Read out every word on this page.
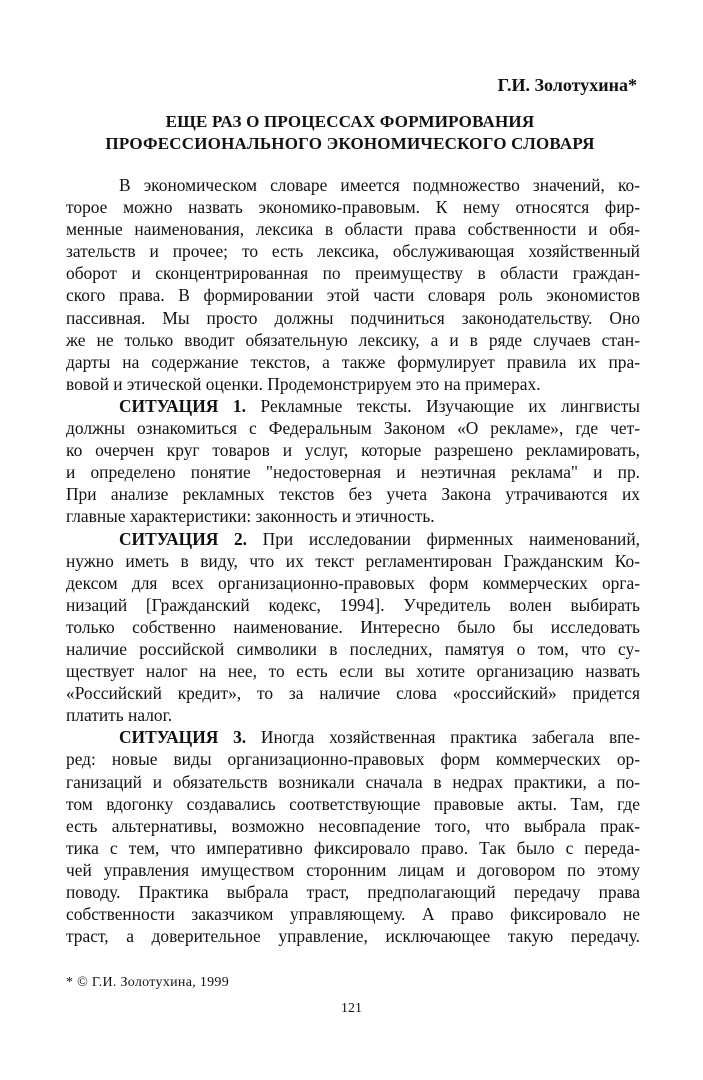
Г.И. Золотухина*
ЕЩЕ РАЗ О ПРОЦЕССАХ ФОРМИРОВАНИЯ
ПРОФЕССИОНАЛЬНОГО ЭКОНОМИЧЕСКОГО СЛОВАРЯ
В экономическом словаре имеется подмножество значений, ко-
торое можно назвать экономико-правовым. К нему относятся фир-
менные наименования, лексика в области права собственности и обя-
зательств и прочее; то есть лексика, обслуживающая хозяйственный
оборот и сконцентрированная по преимуществу в области граждан-
ского права. В формировании этой части словаря роль экономистов
пассивная. Мы просто должны подчиниться законодательству. Оно
же не только вводит обязательную лексику, а и в ряде случаев стан-
дарты на содержание текстов, а также формулирует правила их пра-
вовой и этической оценки. Продемонстрируем это на примерах.
СИТУАЦИЯ 1. Рекламные тексты. Изучающие их лингвисты
должны ознакомиться с Федеральным Законом «О рекламе», где чет-
ко очерчен круг товаров и услуг, которые разрешено рекламировать,
и определено понятие "недостоверная и неэтичная реклама" и пр.
При анализе рекламных текстов без учета Закона утрачиваются их
главные характеристики: законность и этичность.
СИТУАЦИЯ 2. При исследовании фирменных наименований,
нужно иметь в виду, что их текст регламентирован Гражданским Ко-
дексом для всех организационно-правовых форм коммерческих орга-
низаций [Гражданский кодекс, 1994]. Учредитель волен выбирать
только собственно наименование. Интересно было бы исследовать
наличие российской символики в последних, памятуя о том, что су-
ществует налог на нее, то есть если вы хотите организацию назвать
«Российский кредит», то за наличие слова «российский» придется
платить налог.
СИТУАЦИЯ 3. Иногда хозяйственная практика забегала впе-
ред: новые виды организационно-правовых форм коммерческих ор-
ганизаций и обязательств возникали сначала в недрах практики, а по-
том вдогонку создавались соответствующие правовые акты. Там, где
есть альтернативы, возможно несовпадение того, что выбрала прак-
тика с тем, что императивно фиксировало право. Так было с переда-
чей управления имуществом сторонним лицам и договором по этому
поводу. Практика выбрала траст, предполагающий передачу права
собственности заказчиком управляющему. А право фиксировало не
траст, а доверительное управление, исключающее такую передачу.
* © Г.И. Золотухина, 1999
121
